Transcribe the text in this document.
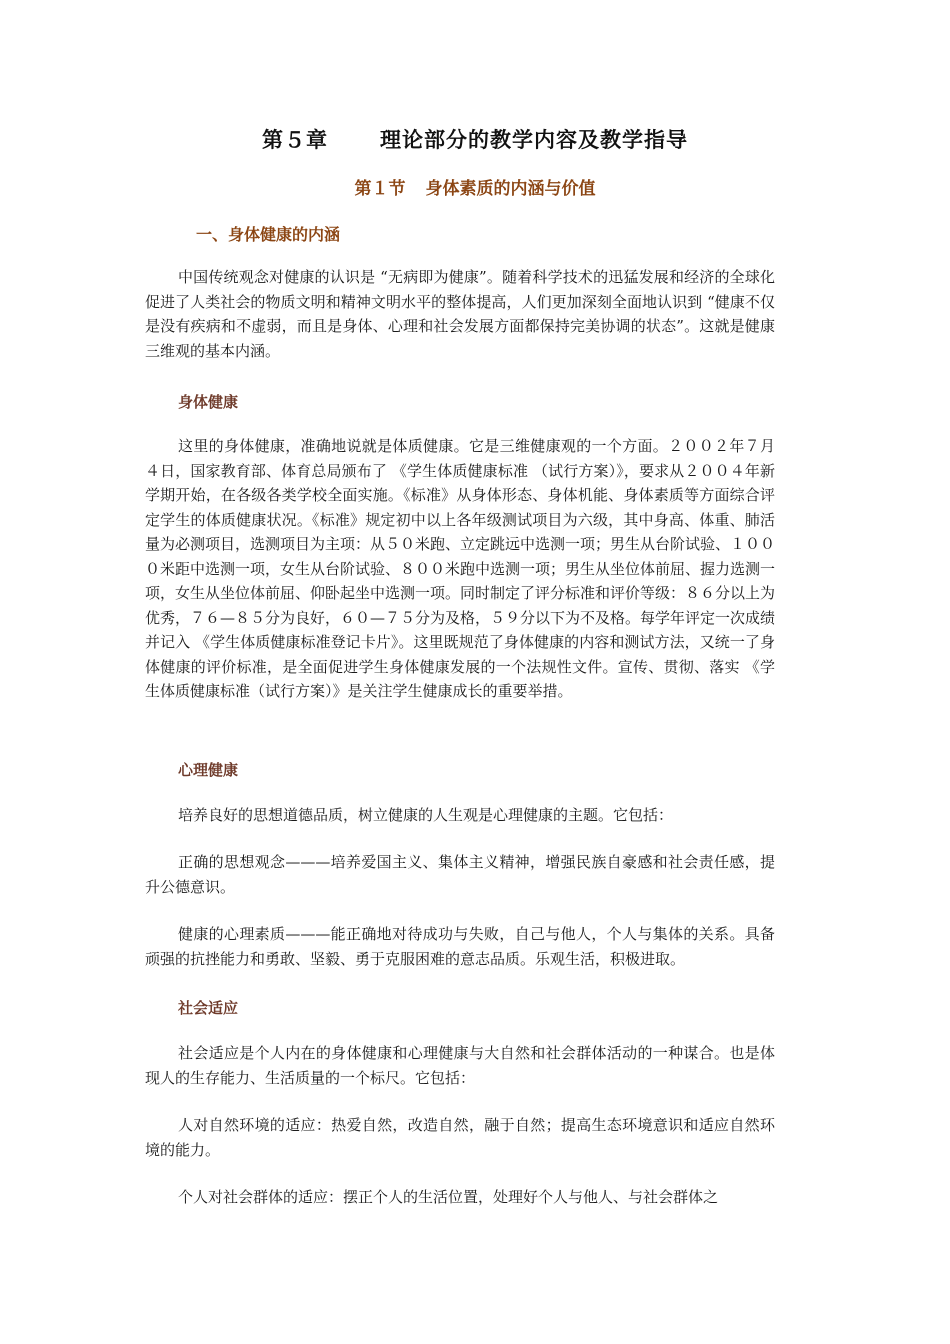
第５章 理论部分的教学内容及教学指导
第１节 身体素质的内涵与价值
一、身体健康的内涵

中国传统观念对健康的认识是 “无病即为健康”。随着科学技术的迅猛发展和经济的全球化促进了人类社会的物质文明和精神文明水平的整体提高，人们更加深刻全面地认识到 “健康不仅是没有疾病和不虚弱，而且是身体、心理和社会发展方面都保持完美协调的状态”。这就是健康三维观的基本内涵。

身体健康

这里的身体健康，准确地说就是体质健康。它是三维健康观的一个方面。２００２年７月４日，国家教育部、体育总局颁布了 《学生体质健康标准 （试行方案）》，要求从２００４年新学期开始，在各级各类学校全面实施。《标准》从身体形态、身体机能、身体素质等方面综合评定学生的体质健康状况。《标准》规定初中以上各年级测试项目为六级，其中身高、体重、肺活量为必测项目，选测项目为主项：从５０米跑、立定跳远中选测一项；男生从台阶试验、１０００米距中选测一项，女生从台阶试验、８００米跑中选测一项；男生从坐位体前屈、握力选测一项，女生从坐位体前屈、仰卧起坐中选测一项。同时制定了评分标准和评价等级：８６分以上为优秀，７６—８５分为良好，６０—７５分为及格，５９分以下为不及格。每学年评定一次成绩并记入 《学生体质健康标准登记卡片》。这里既规范了身体健康的内容和测试方法，又统一了身体健康的评价标准，是全面促进学生身体健康发展的一个法规性文件。宣传、贯彻、落实 《学生体质健康标准（试行方案）》是关注学生健康成长的重要举措。

心理健康

培养良好的思想道德品质，树立健康的人生观是心理健康的主题。它包括：

正确的思想观念———培养爱国主义、集体主义精神，增强民族自豪感和社会责任感，提升公德意识。

健康的心理素质———能正确地对待成功与失败，自己与他人，个人与集体的关系。具备顽强的抗挫能力和勇敢、坚毅、勇于克服困难的意志品质。乐观生活，积极进取。

社会适应

社会适应是个人内在的身体健康和心理健康与大自然和社会群体活动的一种谋合。也是体现人的生存能力、生活质量的一个标尺。它包括：

人对自然环境的适应：热爱自然，改造自然，融于自然；提高生态环境意识和适应自然环境的能力。

个人对社会群体的适应：摆正个人的生活位置，处理好个人与他人、与社会群体之
